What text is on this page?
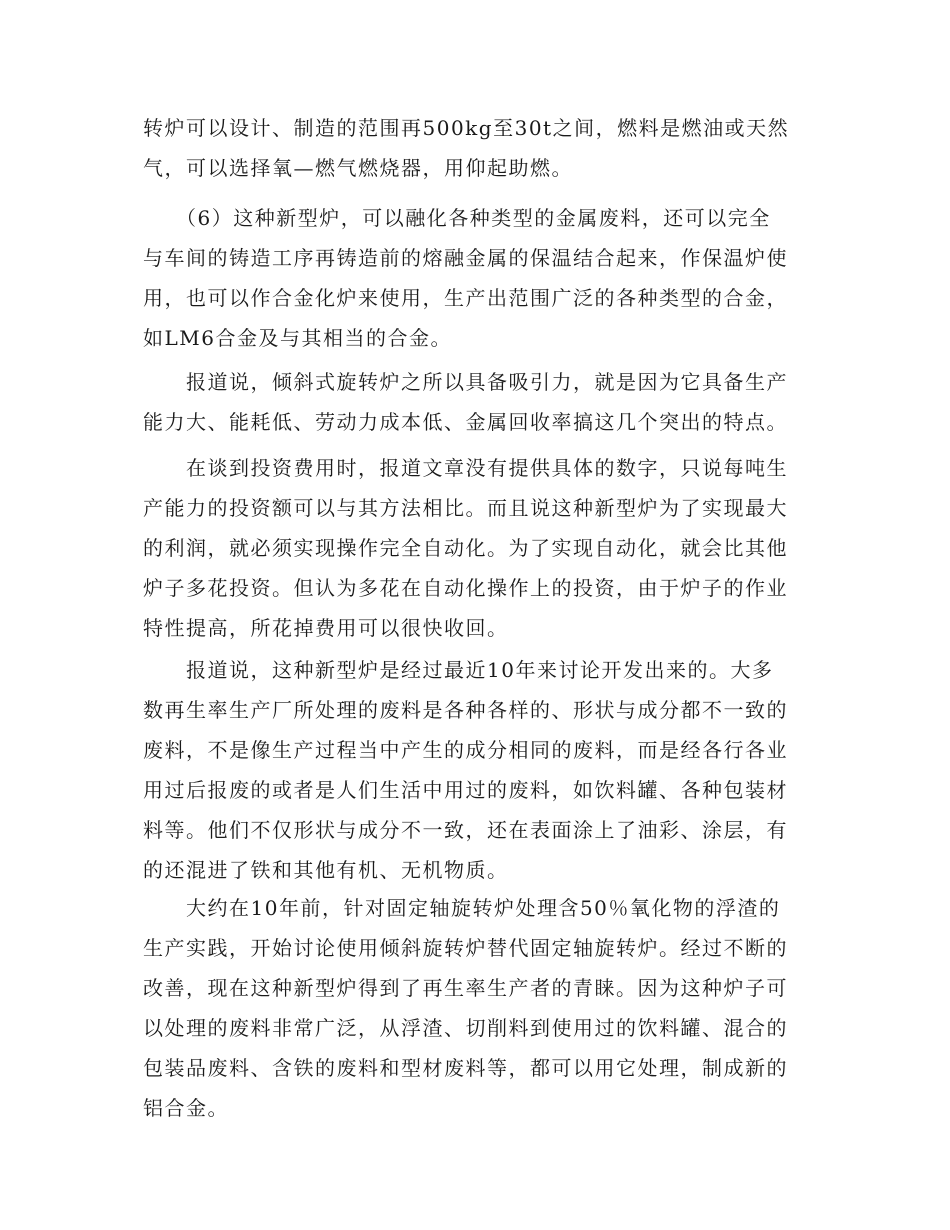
转炉可以设计、制造的范围再500kg至30t之间，燃料是燃油或天然
气，可以选择氧—燃气燃烧器，用仰起助燃。
　　（6）这种新型炉，可以融化各种类型的金属废料，还可以完全
与车间的铸造工序再铸造前的熔融金属的保温结合起来，作保温炉使
用，也可以作合金化炉来使用，生产出范围广泛的各种类型的合金，
如LM6合金及与其相当的合金。
　　报道说，倾斜式旋转炉之所以具备吸引力，就是因为它具备生产
能力大、能耗低、劳动力成本低、金属回收率搞这几个突出的特点。
　　在谈到投资费用时，报道文章没有提供具体的数字，只说每吨生
产能力的投资额可以与其方法相比。而且说这种新型炉为了实现最大
的利润，就必须实现操作完全自动化。为了实现自动化，就会比其他
炉子多花投资。但认为多花在自动化操作上的投资，由于炉子的作业
特性提高，所花掉费用可以很快收回。
　　报道说，这种新型炉是经过最近10年来讨论开发出来的。大多
数再生率生产厂所处理的废料是各种各样的、形状与成分都不一致的
废料，不是像生产过程当中产生的成分相同的废料，而是经各行各业
用过后报废的或者是人们生活中用过的废料，如饮料罐、各种包装材
料等。他们不仅形状与成分不一致，还在表面涂上了油彩、涂层，有
的还混进了铁和其他有机、无机物质。
　　大约在10年前，针对固定轴旋转炉处理含50％氧化物的浮渣的
生产实践，开始讨论使用倾斜旋转炉替代固定轴旋转炉。经过不断的
改善，现在这种新型炉得到了再生率生产者的青睐。因为这种炉子可
以处理的废料非常广泛，从浮渣、切削料到使用过的饮料罐、混合的
包装品废料、含铁的废料和型材废料等，都可以用它处理，制成新的
铝合金。
